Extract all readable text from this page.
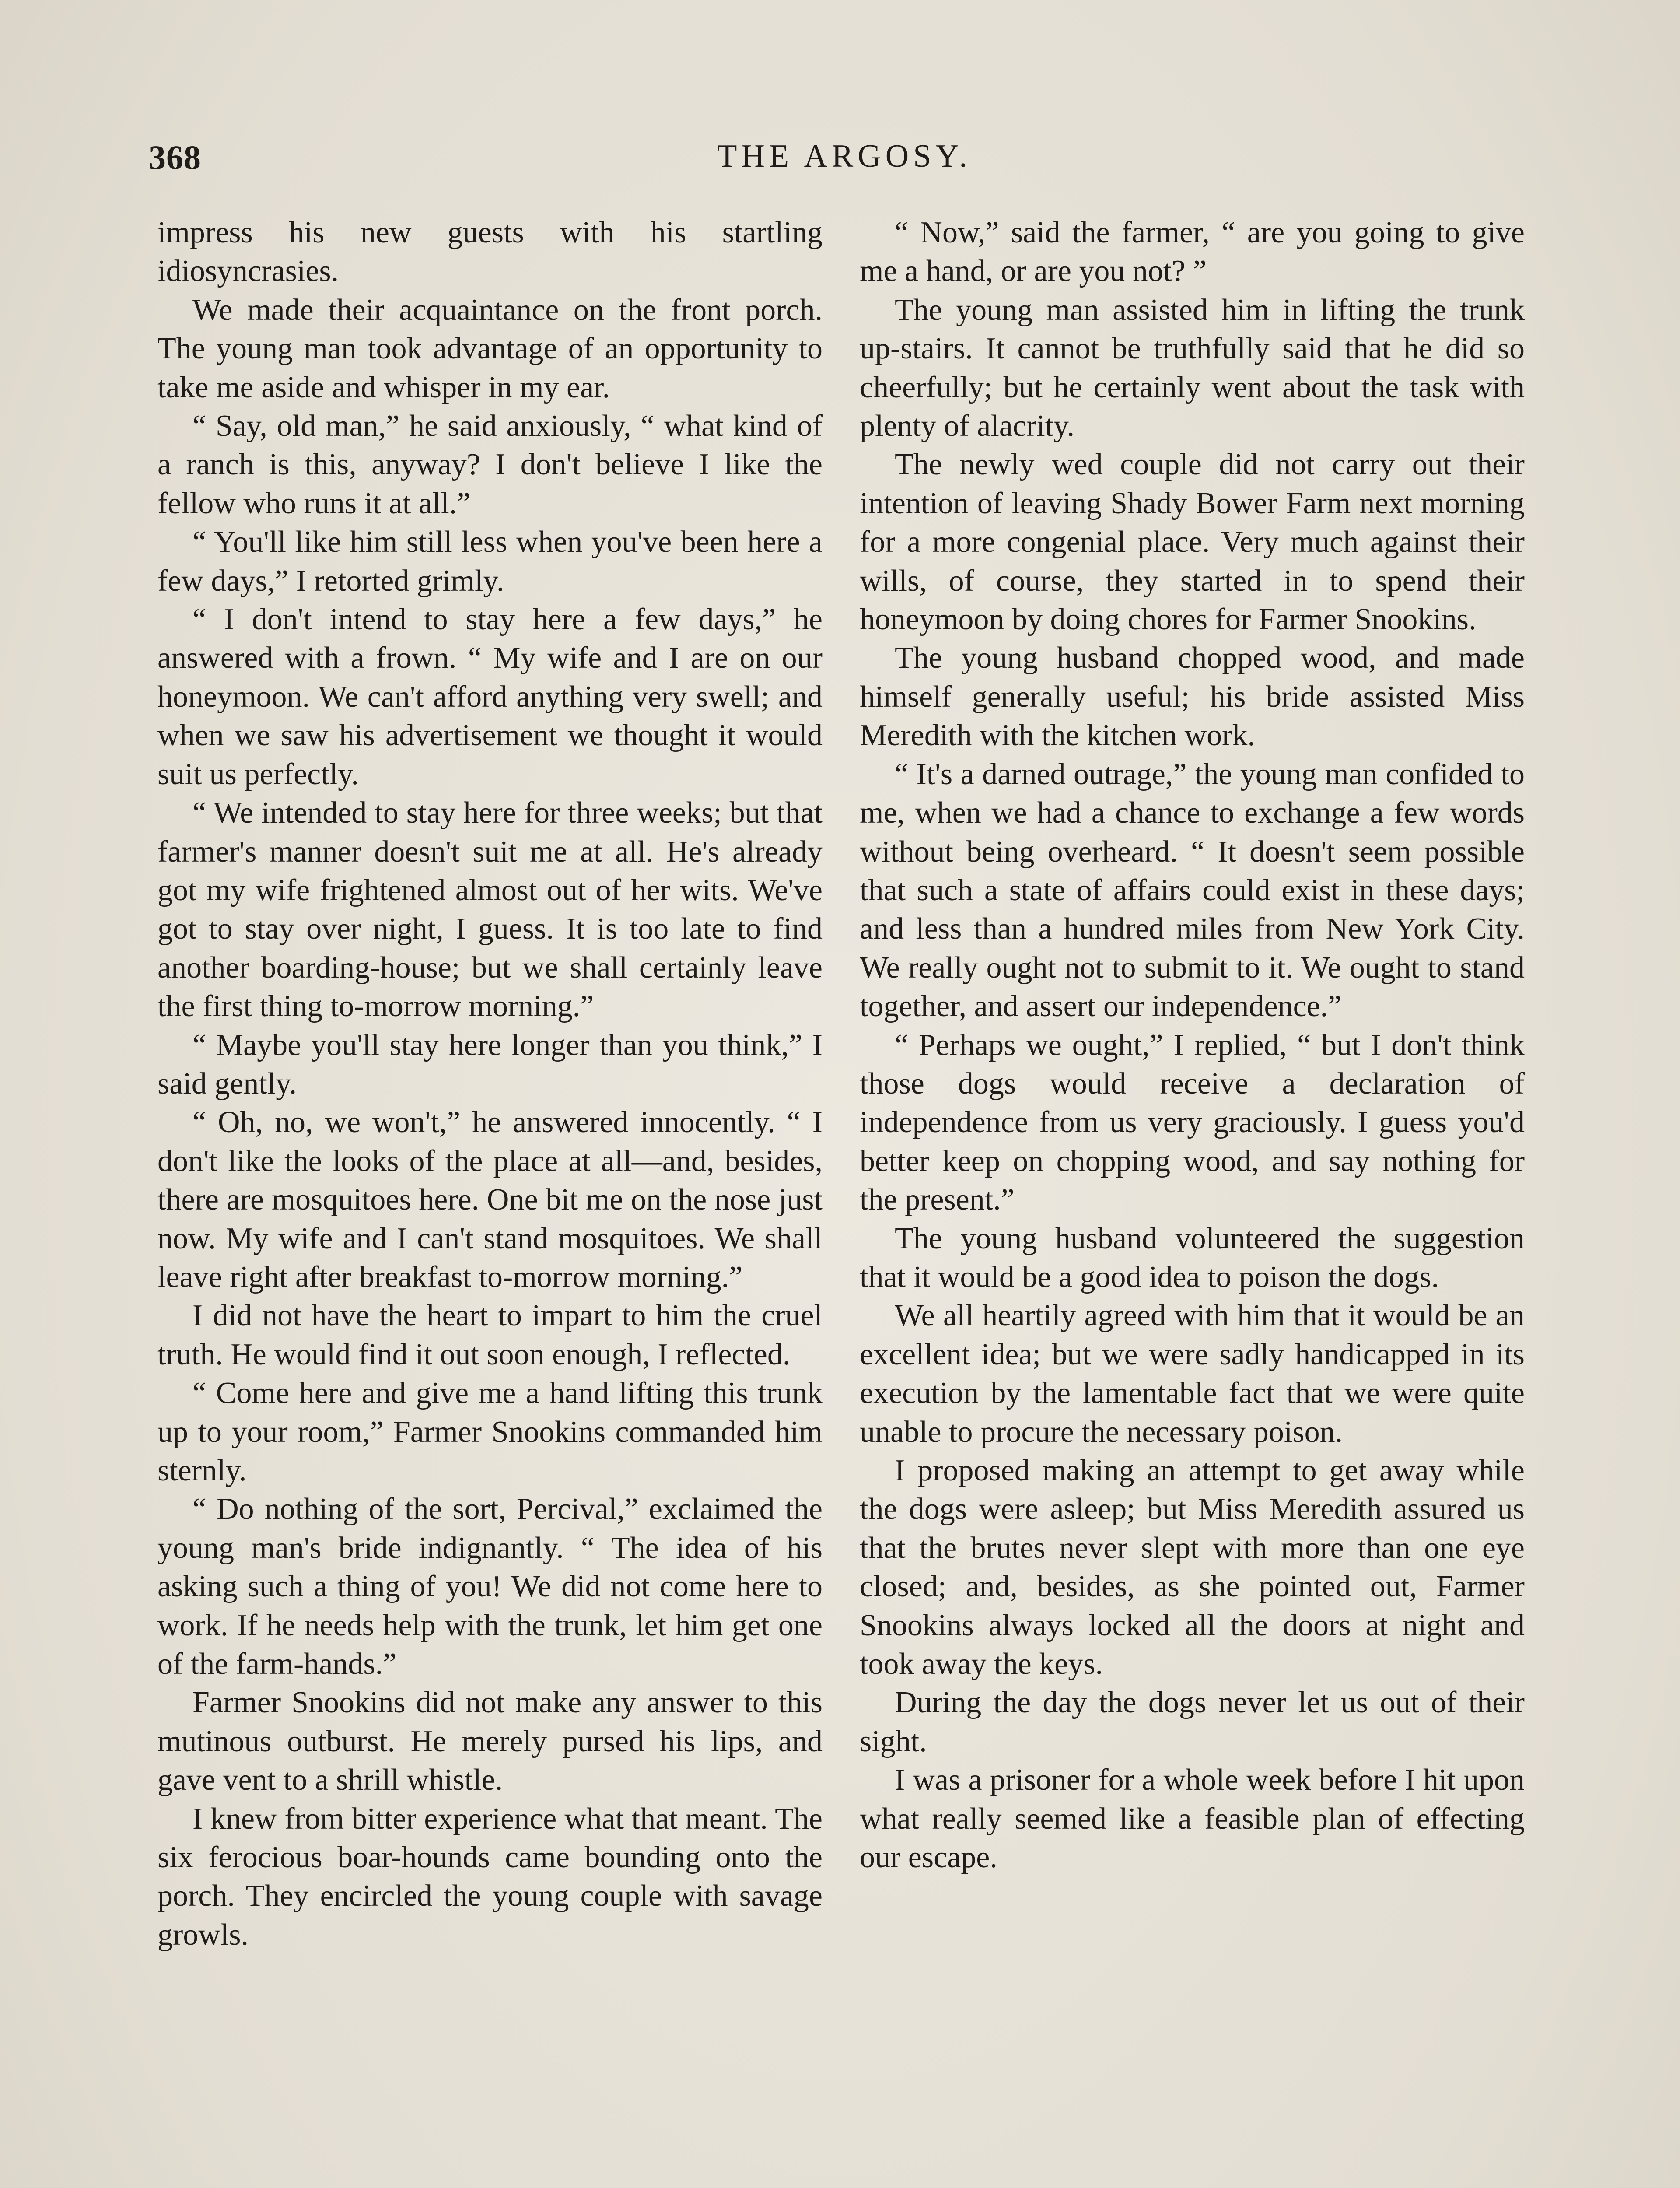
368	THE ARGOSY.

impress his new guests with his startling idiosyncrasies.

We made their acquaintance on the front porch. The young man took advantage of an opportunity to take me aside and whisper in my ear.

“ Say, old man,” he said anxiously, “ what kind of a ranch is this, anyway? I don't believe I like the fellow who runs it at all.”

“ You'll like him still less when you've been here a few days,” I retorted grimly.

“ I don't intend to stay here a few days,” he answered with a frown. “ My wife and I are on our honeymoon. We can't afford anything very swell; and when we saw his advertisement we thought it would suit us perfectly.

“ We intended to stay here for three weeks; but that farmer's manner doesn't suit me at all. He's already got my wife frightened almost out of her wits. We've got to stay over night, I guess. It is too late to find another boarding-house; but we shall certainly leave the first thing to-morrow morning.”

“ Maybe you'll stay here longer than you think,” I said gently.

“ Oh, no, we won't,” he answered innocently. “ I don't like the looks of the place at all—and, besides, there are mosquitoes here. One bit me on the nose just now. My wife and I can't stand mosquitoes. We shall leave right after breakfast to-morrow morning.”

I did not have the heart to impart to him the cruel truth. He would find it out soon enough, I reflected.

“ Come here and give me a hand lifting this trunk up to your room,” Farmer Snookins commanded him sternly.

“ Do nothing of the sort, Percival,” exclaimed the young man's bride indignantly. “ The idea of his asking such a thing of you! We did not come here to work. If he needs help with the trunk, let him get one of the farm-hands.”

Farmer Snookins did not make any answer to this mutinous outburst. He merely pursed his lips, and gave vent to a shrill whistle.

I knew from bitter experience what that meant. The six ferocious boar-hounds came bounding onto the porch. They encircled the young couple with savage growls.

“ Now,” said the farmer, “ are you going to give me a hand, or are you not? ”

The young man assisted him in lifting the trunk up-stairs. It cannot be truthfully said that he did so cheerfully; but he certainly went about the task with plenty of alacrity.

The newly wed couple did not carry out their intention of leaving Shady Bower Farm next morning for a more congenial place. Very much against their wills, of course, they started in to spend their honeymoon by doing chores for Farmer Snookins.

The young husband chopped wood, and made himself generally useful; his bride assisted Miss Meredith with the kitchen work.

“ It's a darned outrage,” the young man confided to me, when we had a chance to exchange a few words without being overheard. “ It doesn't seem possible that such a state of affairs could exist in these days; and less than a hundred miles from New York City. We really ought not to submit to it. We ought to stand together, and assert our independence.”

“ Perhaps we ought,” I replied, “ but I don't think those dogs would receive a declaration of independence from us very graciously. I guess you'd better keep on chopping wood, and say nothing for the present.”

The young husband volunteered the suggestion that it would be a good idea to poison the dogs.

We all heartily agreed with him that it would be an excellent idea; but we were sadly handicapped in its execution by the lamentable fact that we were quite unable to procure the necessary poison.

I proposed making an attempt to get away while the dogs were asleep; but Miss Meredith assured us that the brutes never slept with more than one eye closed; and, besides, as she pointed out, Farmer Snookins always locked all the doors at night and took away the keys.

During the day the dogs never let us out of their sight.

I was a prisoner for a whole week before I hit upon what really seemed like a feasible plan of effecting our escape.
